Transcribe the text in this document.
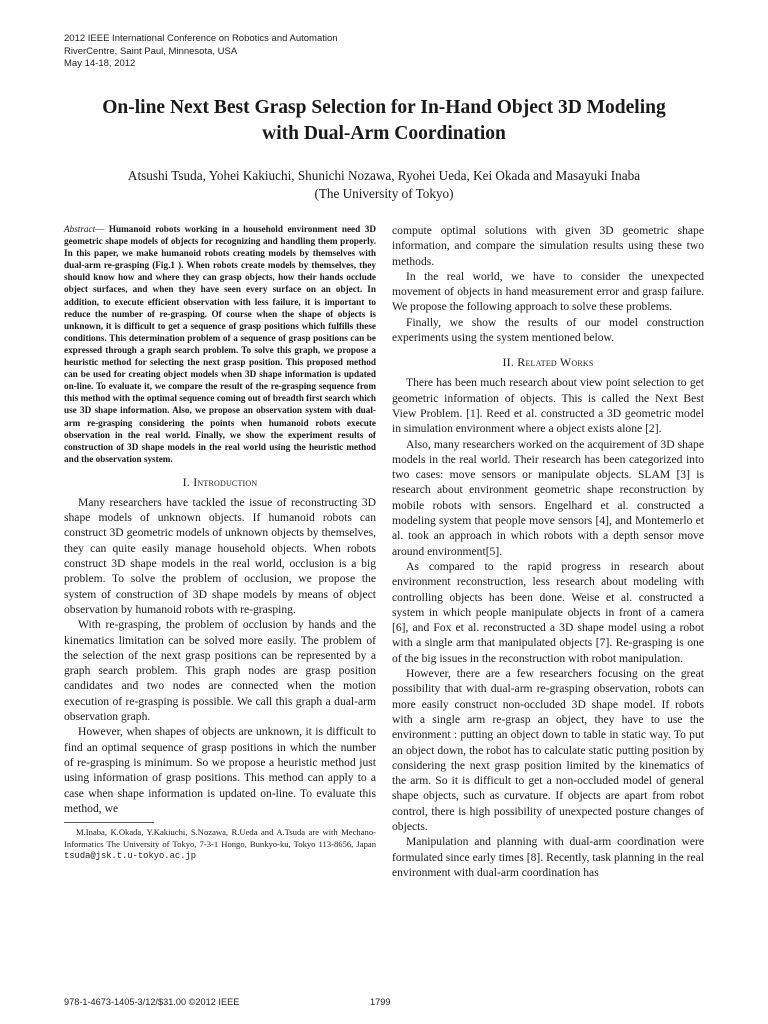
2012 IEEE International Conference on Robotics and Automation
RiverCentre, Saint Paul, Minnesota, USA
May 14-18, 2012
On-line Next Best Grasp Selection for In-Hand Object 3D Modeling
with Dual-Arm Coordination
Atsushi Tsuda, Yohei Kakiuchi, Shunichi Nozawa, Ryohei Ueda, Kei Okada and Masayuki Inaba
(The University of Tokyo)

Abstract— Humanoid robots working in a household environment need 3D geometric shape models of objects for recognizing and handling them properly. In this paper, we make humanoid robots creating models by themselves with dual-arm re-grasping (Fig.1 ). When robots create models by themselves, they should know how and where they can grasp objects, how their hands occlude object surfaces, and when they have seen every surface on an object. In addition, to execute efficient observation with less failure, it is important to reduce the number of re-grasping. Of course when the shape of objects is unknown, it is difficult to get a sequence of grasp positions which fulfills these conditions. This determination problem of a sequence of grasp positions can be expressed through a graph search problem. To solve this graph, we propose a heuristic method for selecting the next grasp position. This proposed method can be used for creating object models when 3D shape information is updated on-line. To evaluate it, we compare the result of the re-grasping sequence from this method with the optimal sequence coming out of breadth first search which use 3D shape information. Also, we propose an observation system with dual-arm re-grasping considering the points when humanoid robots execute observation in the real world. Finally, we show the experiment results of construction of 3D shape models in the real world using the heuristic method and the observation system.

I. Introduction

Many researchers have tackled the issue of reconstructing 3D shape models of unknown objects. If humanoid robots can construct 3D geometric models of unknown objects by themselves, they can quite easily manage household objects. When robots construct 3D shape models in the real world, occlusion is a big problem. To solve the problem of occlusion, we propose the system of construction of 3D shape models by means of object observation by humanoid robots with re-grasping.

With re-grasping, the problem of occlusion by hands and the kinematics limitation can be solved more easily. The problem of the selection of the next grasp positions can be represented by a graph search problem. This graph nodes are grasp position candidates and two nodes are connected when the motion execution of re-grasping is possible. We call this graph a dual-arm observation graph.

However, when shapes of objects are unknown, it is difficult to find an optimal sequence of grasp positions in which the number of re-grasping is minimum. So we propose a heuristic method just using information of grasp positions. This method can apply to a case when shape information is updated on-line. To evaluate this method, we

M.Inaba, K.Okada, Y.Kakiuchi, S.Nozawa, R.Ueda and A.Tsuda are with Mechano-Informatics The University of Tokyo, 7-3-1 Hongo, Bunkyo-ku, Tokyo 113-8656, Japan tsuda@jsk.t.u-tokyo.ac.jp

compute optimal solutions with given 3D geometric shape information, and compare the simulation results using these two methods.

In the real world, we have to consider the unexpected movement of objects in hand measurement error and grasp failure. We propose the following approach to solve these problems.

Finally, we show the results of our model construction experiments using the system mentioned below.

II. Related Works

There has been much research about view point selection to get geometric information of objects. This is called the Next Best View Problem. [1]. Reed et al. constructed a 3D geometric model in simulation environment where a object exists alone [2].

Also, many researchers worked on the acquirement of 3D shape models in the real world. Their research has been categorized into two cases: move sensors or manipulate objects. SLAM [3] is research about environment geometric shape reconstruction by mobile robots with sensors. Engelhard et al. constructed a modeling system that people move sensors [4], and Montemerlo et al. took an approach in which robots with a depth sensor move around environment[5].

As compared to the rapid progress in research about environment reconstruction, less research about modeling with controlling objects has been done. Weise et al. constructed a system in which people manipulate objects in front of a camera [6], and Fox et al. reconstructed a 3D shape model using a robot with a single arm that manipulated objects [7]. Re-grasping is one of the big issues in the reconstruction with robot manipulation.

However, there are a few researchers focusing on the great possibility that with dual-arm re-grasping observation, robots can more easily construct non-occluded 3D shape model. If robots with a single arm re-grasp an object, they have to use the environment : putting an object down to table in static way. To put an object down, the robot has to calculate static putting position by considering the next grasp position limited by the kinematics of the arm. So it is difficult to get a non-occluded model of general shape objects, such as curvature. If objects are apart from robot control, there is high possibility of unexpected posture changes of objects.

Manipulation and planning with dual-arm coordination were formulated since early times [8]. Recently, task planning in the real environment with dual-arm coordination has

978-1-4673-1405-3/12/$31.00 ©2012 IEEE	1799
